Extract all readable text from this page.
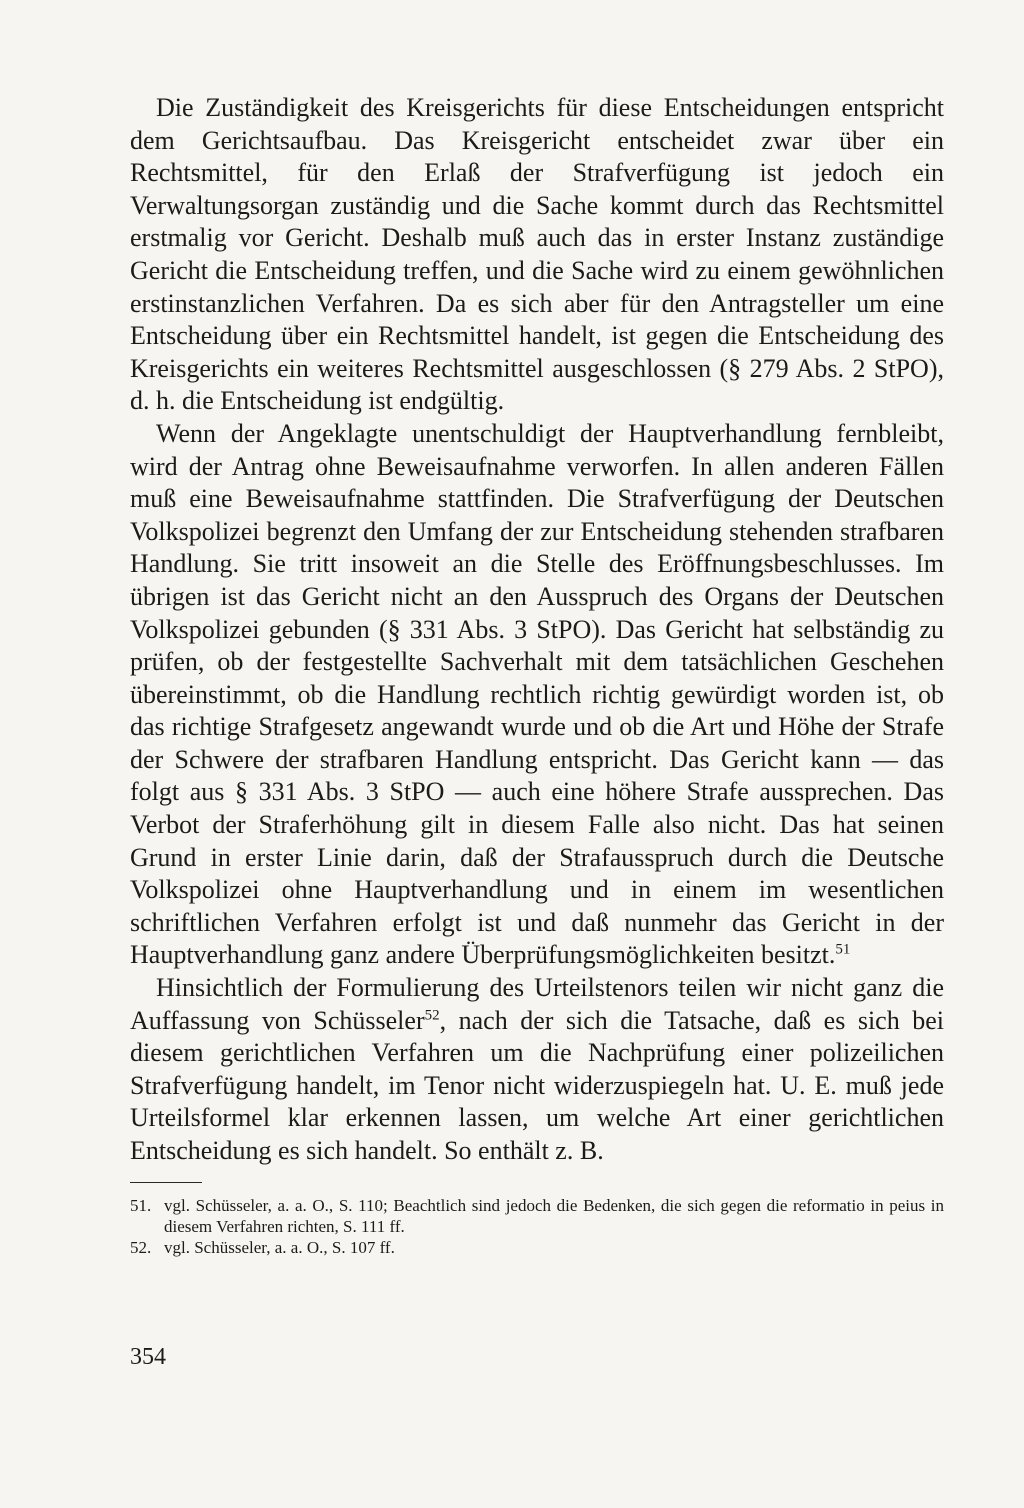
Die Zuständigkeit des Kreisgerichts für diese Entscheidungen entspricht dem Gerichtsaufbau. Das Kreisgericht entscheidet zwar über ein Rechtsmittel, für den Erlaß der Strafverfügung ist jedoch ein Verwaltungsorgan zuständig und die Sache kommt durch das Rechtsmittel erstmalig vor Gericht. Deshalb muß auch das in erster Instanz zuständige Gericht die Entscheidung treffen, und die Sache wird zu einem gewöhnlichen erstinstanzlichen Verfahren. Da es sich aber für den Antragsteller um eine Entscheidung über ein Rechtsmittel handelt, ist gegen die Entscheidung des Kreisgerichts ein weiteres Rechtsmittel ausgeschlossen (§ 279 Abs. 2 StPO), d. h. die Entscheidung ist endgültig.

Wenn der Angeklagte unentschuldigt der Hauptverhandlung fernbleibt, wird der Antrag ohne Beweisaufnahme verworfen. In allen anderen Fällen muß eine Beweisaufnahme stattfinden. Die Strafverfügung der Deutschen Volkspolizei begrenzt den Umfang der zur Entscheidung stehenden strafbaren Handlung. Sie tritt insoweit an die Stelle des Eröffnungsbeschlusses. Im übrigen ist das Gericht nicht an den Ausspruch des Organs der Deutschen Volkspolizei gebunden (§ 331 Abs. 3 StPO). Das Gericht hat selbständig zu prüfen, ob der festgestellte Sachverhalt mit dem tatsächlichen Geschehen übereinstimmt, ob die Handlung rechtlich richtig gewürdigt worden ist, ob das richtige Strafgesetz angewandt wurde und ob die Art und Höhe der Strafe der Schwere der strafbaren Handlung entspricht. Das Gericht kann — das folgt aus § 331 Abs. 3 StPO — auch eine höhere Strafe aussprechen. Das Verbot der Straferhöhung gilt in diesem Falle also nicht. Das hat seinen Grund in erster Linie darin, daß der Strafausspruch durch die Deutsche Volkspolizei ohne Hauptverhandlung und in einem im wesentlichen schriftlichen Verfahren erfolgt ist und daß nunmehr das Gericht in der Hauptverhandlung ganz andere Überprüfungsmöglichkeiten besitzt.$^{51}$

Hinsichtlich der Formulierung des Urteilstenors teilen wir nicht ganz die Auffassung von Schüsseler$^{52}$, nach der sich die Tatsache, daß es sich bei diesem gerichtlichen Verfahren um die Nachprüfung einer polizeilichen Strafverfügung handelt, im Tenor nicht widerzuspiegeln hat. U. E. muß jede Urteilsformel klar erkennen lassen, um welche Art einer gerichtlichen Entscheidung es sich handelt. So enthält z. B.

51. vgl. Schüsseler, a. a. O., S. 110; Beachtlich sind jedoch die Bedenken, die sich gegen die reformatio in peius in diesem Verfahren richten, S. 111 ff.

52. vgl. Schüsseler, a. a. O., S. 107 ff.

354
